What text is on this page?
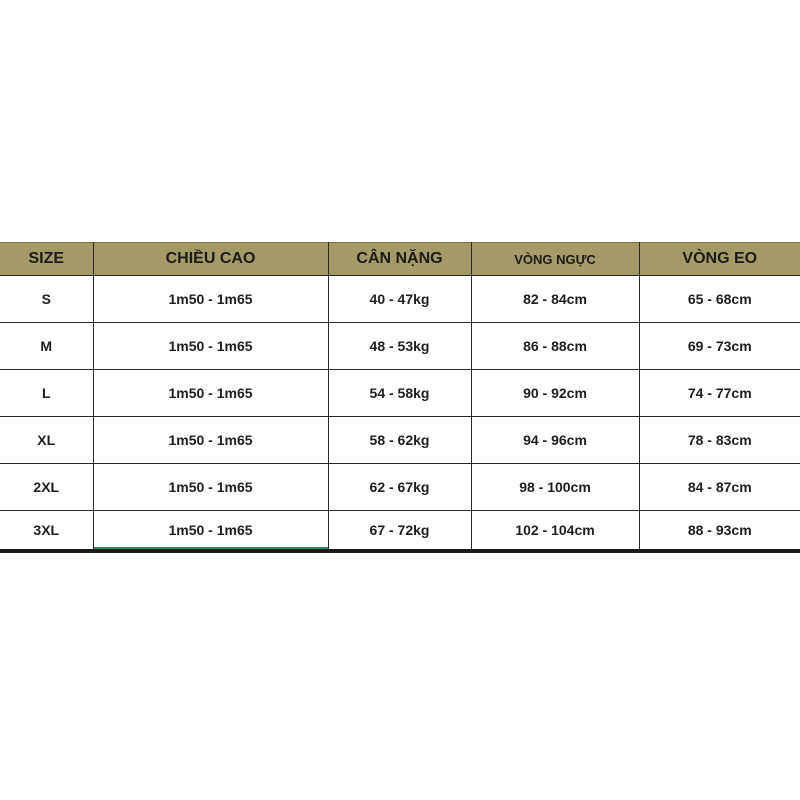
SIZE	CHIỀU CAO	CÂN NẶNG	VÒNG NGỰC	VÒNG EO
S	1m50 - 1m65	40 - 47kg	82 - 84cm	65 - 68cm
M	1m50 - 1m65	48 - 53kg	86 - 88cm	69 - 73cm
L	1m50 - 1m65	54 - 58kg	90 - 92cm	74 - 77cm
XL	1m50 - 1m65	58 - 62kg	94 - 96cm	78 - 83cm
2XL	1m50 - 1m65	62 - 67kg	98 - 100cm	84 - 87cm
3XL	1m50 - 1m65	67 - 72kg	102 - 104cm	88 - 93cm
